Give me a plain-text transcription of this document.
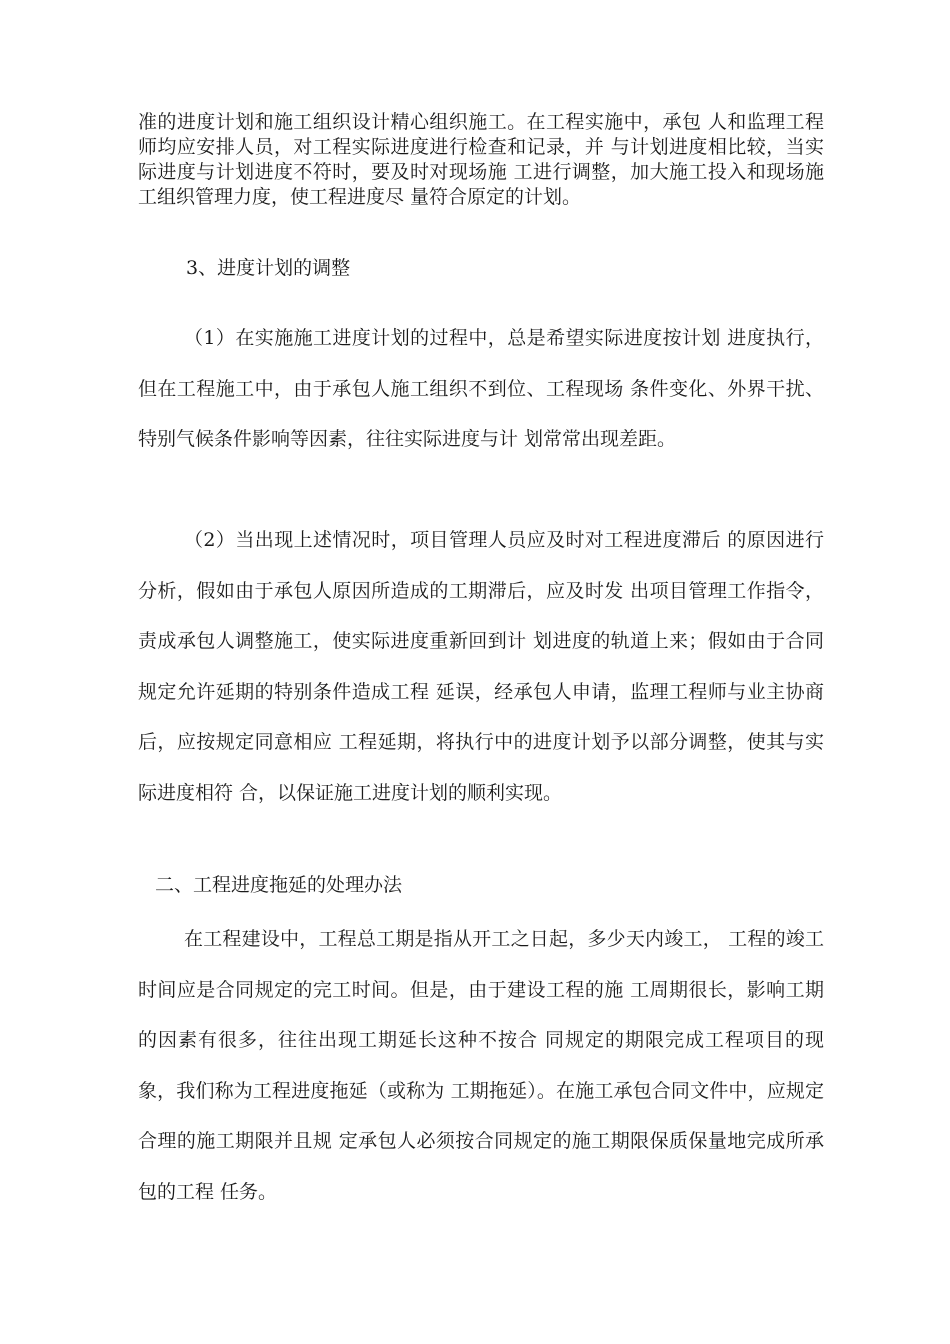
准的进度计划和施工组织设计精心组织施工。在工程实施中，承包 人和监理工程师均应安排人员，对工程实际进度进行检查和记录，并 与计划进度相比较，当实际进度与计划进度不符时，要及时对现场施 工进行调整，加大施工投入和现场施工组织管理力度，使工程进度尽 量符合原定的计划。

3、进度计划的调整

（1）在实施施工进度计划的过程中，总是希望实际进度按计划 进度执行，但在工程施工中，由于承包人施工组织不到位、工程现场 条件变化、外界干扰、特别气候条件影响等因素，往往实际进度与计 划常常出现差距。

（2）当出现上述情况时，项目管理人员应及时对工程进度滞后 的原因进行分析，假如由于承包人原因所造成的工期滞后，应及时发 出项目管理工作指令，责成承包人调整施工，使实际进度重新回到计 划进度的轨道上来；假如由于合同规定允许延期的特别条件造成工程 延误，经承包人申请，监理工程师与业主协商后，应按规定同意相应 工程延期，将执行中的进度计划予以部分调整，使其与实际进度相符 合，以保证施工进度计划的顺利实现。

二、工程进度拖延的处理办法

在工程建设中，工程总工期是指从开工之日起，多少天内竣工， 工程的竣工时间应是合同规定的完工时间。但是，由于建设工程的施 工周期很长，影响工期的因素有很多，往往出现工期延长这种不按合 同规定的期限完成工程项目的现象，我们称为工程进度拖延（或称为 工期拖延）。在施工承包合同文件中，应规定合理的施工期限并且规 定承包人必须按合同规定的施工期限保质保量地完成所承包的工程 任务。
